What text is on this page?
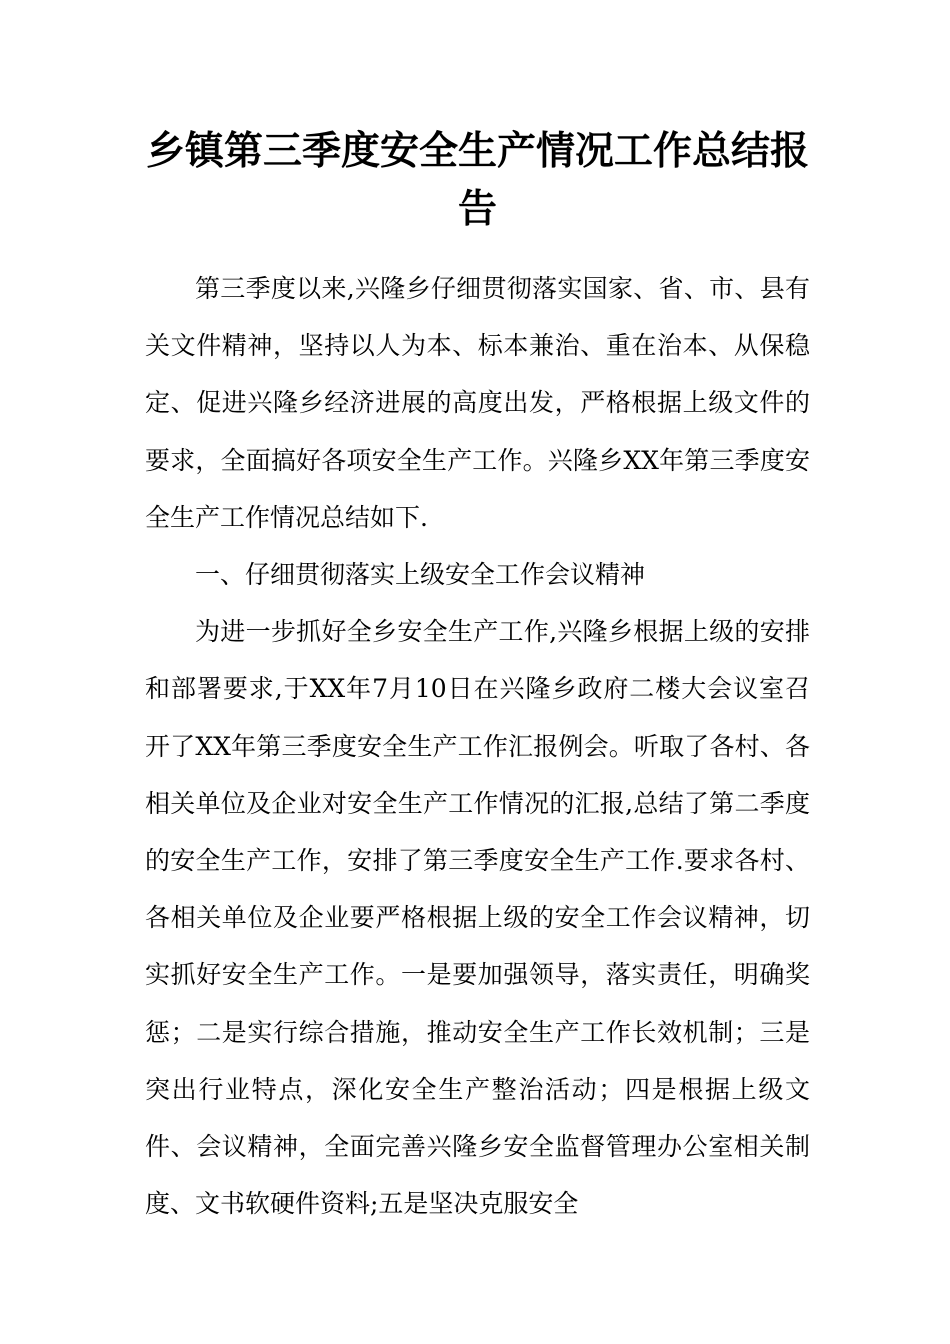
乡镇第三季度安全生产情况工作总结报告

第三季度以来,兴隆乡仔细贯彻落实国家、省、市、县有关文件精神，坚持以人为本、标本兼治、重在治本、从保稳定、促进兴隆乡经济进展的高度出发，严格根据上级文件的要求，全面搞好各项安全生产工作。兴隆乡XX年第三季度安全生产工作情况总结如下.

一、仔细贯彻落实上级安全工作会议精神

为进一步抓好全乡安全生产工作,兴隆乡根据上级的安排和部署要求,于XX年7月10日在兴隆乡政府二楼大会议室召开了XX年第三季度安全生产工作汇报例会。听取了各村、各相关单位及企业对安全生产工作情况的汇报,总结了第二季度的安全生产工作，安排了第三季度安全生产工作.要求各村、各相关单位及企业要严格根据上级的安全工作会议精神，切实抓好安全生产工作。一是要加强领导，落实责任，明确奖惩；二是实行综合措施，推动安全生产工作长效机制；三是突出行业特点，深化安全生产整治活动；四是根据上级文件、会议精神，全面完善兴隆乡安全监督管理办公室相关制度、文书软硬件资料;五是坚决克服安全
